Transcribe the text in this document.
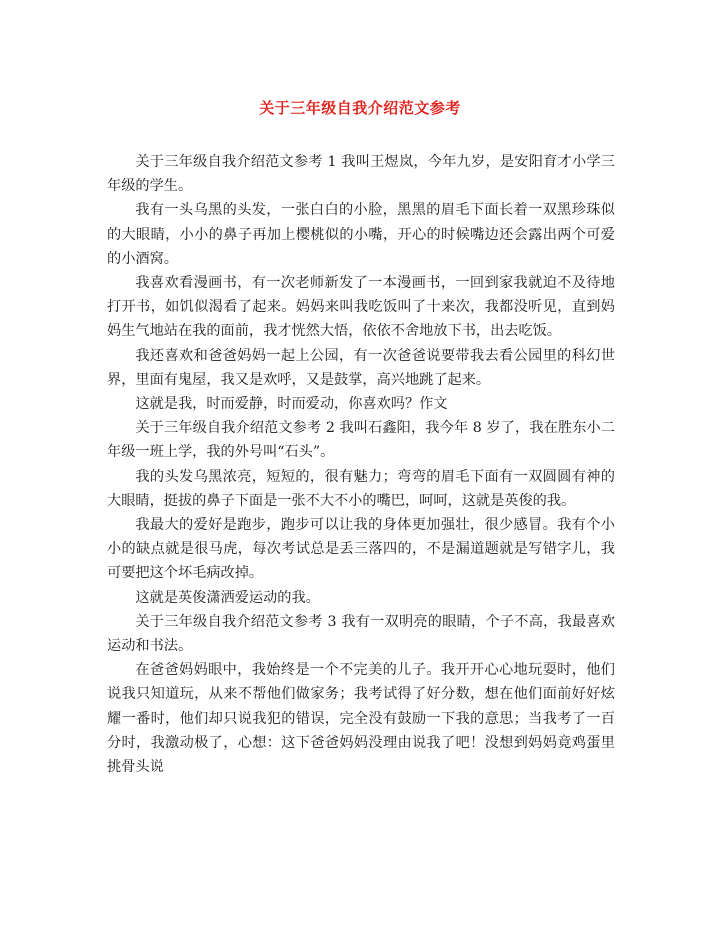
关于三年级自我介绍范文参考

关于三年级自我介绍范文参考 1 我叫王煜岚，今年九岁，是安阳育才小学三年级的学生。

我有一头乌黑的头发，一张白白的小脸，黑黑的眉毛下面长着一双黑珍珠似的大眼睛，小小的鼻子再加上樱桃似的小嘴，开心的时候嘴边还会露出两个可爱的小酒窝。

我喜欢看漫画书，有一次老师新发了一本漫画书，一回到家我就迫不及待地打开书，如饥似渴看了起来。妈妈来叫我吃饭叫了十来次，我都没听见，直到妈妈生气地站在我的面前，我才恍然大悟，依依不舍地放下书，出去吃饭。

我还喜欢和爸爸妈妈一起上公园，有一次爸爸说要带我去看公园里的科幻世界，里面有鬼屋，我又是欢呼，又是鼓掌，高兴地跳了起来。

这就是我，时而爱静，时而爱动，你喜欢吗？作文

关于三年级自我介绍范文参考 2 我叫石鑫阳，我今年 8 岁了，我在胜东小二年级一班上学，我的外号叫“石头”。

我的头发乌黑浓亮，短短的，很有魅力；弯弯的眉毛下面有一双圆圆有神的大眼睛，挺拔的鼻子下面是一张不大不小的嘴巴，呵呵，这就是英俊的我。

我最大的爱好是跑步，跑步可以让我的身体更加强壮，很少感冒。我有个小小的缺点就是很马虎，每次考试总是丢三落四的，不是漏道题就是写错字儿，我可要把这个坏毛病改掉。

这就是英俊潇洒爱运动的我。

关于三年级自我介绍范文参考 3 我有一双明亮的眼睛，个子不高，我最喜欢运动和书法。

在爸爸妈妈眼中，我始终是一个不完美的儿子。我开开心心地玩耍时，他们说我只知道玩，从来不帮他们做家务；我考试得了好分数，想在他们面前好好炫耀一番时，他们却只说我犯的错误，完全没有鼓励一下我的意思；当我考了一百分时，我激动极了，心想：这下爸爸妈妈没理由说我了吧！没想到妈妈竟鸡蛋里挑骨头说
